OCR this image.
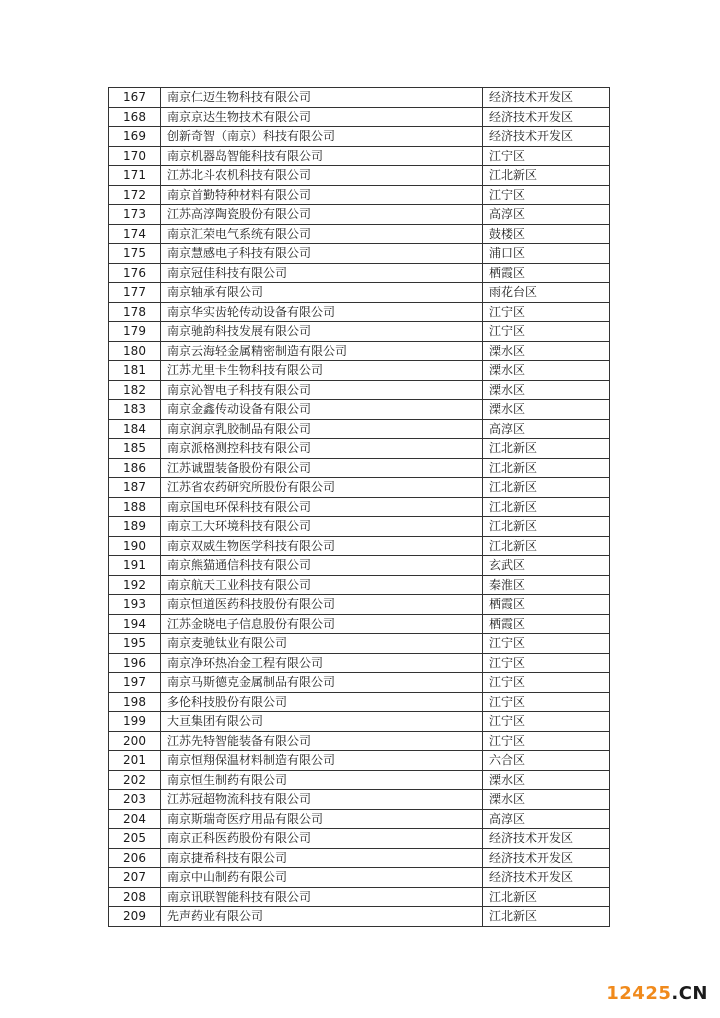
167	南京仁迈生物科技有限公司	经济技术开发区
168	南京京达生物技术有限公司	经济技术开发区
169	创新奇智（南京）科技有限公司	经济技术开发区
170	南京机器岛智能科技有限公司	江宁区
171	江苏北斗农机科技有限公司	江北新区
172	南京首勤特种材料有限公司	江宁区
173	江苏高淳陶瓷股份有限公司	高淳区
174	南京汇荣电气系统有限公司	鼓楼区
175	南京慧感电子科技有限公司	浦口区
176	南京冠佳科技有限公司	栖霞区
177	南京轴承有限公司	雨花台区
178	南京华实齿轮传动设备有限公司	江宁区
179	南京驰韵科技发展有限公司	江宁区
180	南京云海轻金属精密制造有限公司	溧水区
181	江苏尤里卡生物科技有限公司	溧水区
182	南京沁智电子科技有限公司	溧水区
183	南京金鑫传动设备有限公司	溧水区
184	南京润京乳胶制品有限公司	高淳区
185	南京派格测控科技有限公司	江北新区
186	江苏诚盟装备股份有限公司	江北新区
187	江苏省农药研究所股份有限公司	江北新区
188	南京国电环保科技有限公司	江北新区
189	南京工大环境科技有限公司	江北新区
190	南京双威生物医学科技有限公司	江北新区
191	南京熊猫通信科技有限公司	玄武区
192	南京航天工业科技有限公司	秦淮区
193	南京恒道医药科技股份有限公司	栖霞区
194	江苏金晓电子信息股份有限公司	栖霞区
195	南京麦驰钛业有限公司	江宁区
196	南京净环热冶金工程有限公司	江宁区
197	南京马斯德克金属制品有限公司	江宁区
198	多伦科技股份有限公司	江宁区
199	大亘集团有限公司	江宁区
200	江苏先特智能装备有限公司	江宁区
201	南京恒翔保温材料制造有限公司	六合区
202	南京恒生制药有限公司	溧水区
203	江苏冠超物流科技有限公司	溧水区
204	南京斯瑞奇医疗用品有限公司	高淳区
205	南京正科医药股份有限公司	经济技术开发区
206	南京捷希科技有限公司	经济技术开发区
207	南京中山制药有限公司	经济技术开发区
208	南京讯联智能科技有限公司	江北新区
209	先声药业有限公司	江北新区
12425.CN
